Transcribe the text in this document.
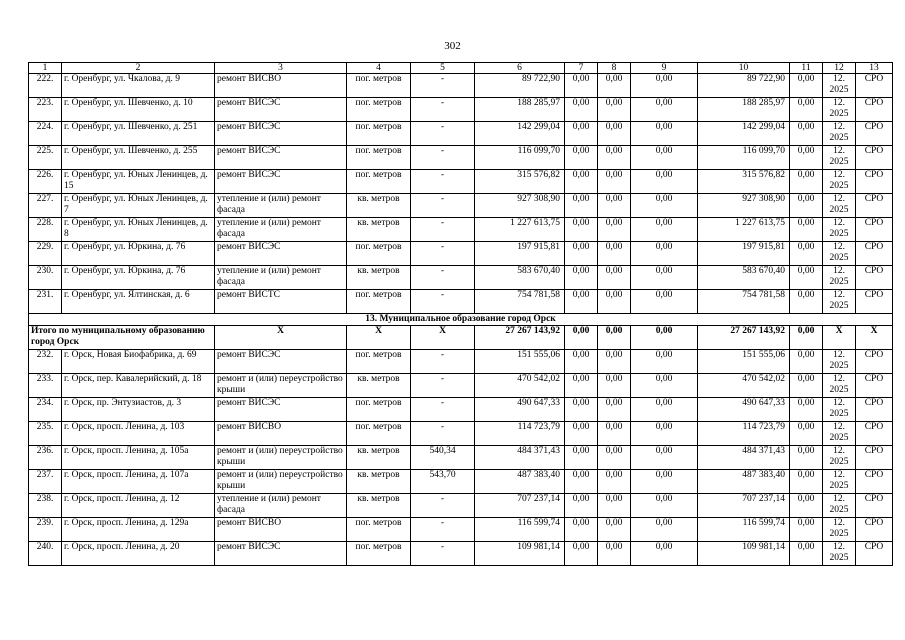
302
1	2	3	4	5	6	7	8	9	10	11	12	13
222.	г. Оренбург, ул. Чкалова, д. 9	ремонт ВИСВО	пог. метров	-	89 722,90	0,00	0,00	0,00	89 722,90	0,00	12. 2025	СРО
223.	г. Оренбург, ул. Шевченко, д. 10	ремонт ВИСЭС	пог. метров	-	188 285,97	0,00	0,00	0,00	188 285,97	0,00	12. 2025	СРО
224.	г. Оренбург, ул. Шевченко, д. 251	ремонт ВИСЭС	пог. метров	-	142 299,04	0,00	0,00	0,00	142 299,04	0,00	12. 2025	СРО
225.	г. Оренбург, ул. Шевченко, д. 255	ремонт ВИСЭС	пог. метров	-	116 099,70	0,00	0,00	0,00	116 099,70	0,00	12. 2025	СРО
226.	г. Оренбург, ул. Юных Ленинцев, д. 15	ремонт ВИСЭС	пог. метров	-	315 576,82	0,00	0,00	0,00	315 576,82	0,00	12. 2025	СРО
227.	г. Оренбург, ул. Юных Ленинцев, д. 7	утепление и (или) ремонт фасада	кв. метров	-	927 308,90	0,00	0,00	0,00	927 308,90	0,00	12. 2025	СРО
228.	г. Оренбург, ул. Юных Ленинцев, д. 8	утепление и (или) ремонт фасада	кв. метров	-	1 227 613,75	0,00	0,00	0,00	1 227 613,75	0,00	12. 2025	СРО
229.	г. Оренбург, ул. Юркина, д. 76	ремонт ВИСЭС	пог. метров	-	197 915,81	0,00	0,00	0,00	197 915,81	0,00	12. 2025	СРО
230.	г. Оренбург, ул. Юркина, д. 76	утепление и (или) ремонт фасада	кв. метров	-	583 670,40	0,00	0,00	0,00	583 670,40	0,00	12. 2025	СРО
231.	г. Оренбург, ул. Ялтинская, д. 6	ремонт ВИСТС	пог. метров	-	754 781,58	0,00	0,00	0,00	754 781,58	0,00	12. 2025	СРО
13. Муниципальное образование город Орск												
Итого по муниципальному образованию город Орск		X	X	X	27 267 143,92	0,00	0,00	0,00	27 267 143,92	0,00	X	X
232.	г. Орск, Новая Биофабрика, д. 69	ремонт ВИСЭС	пог. метров	-	151 555,06	0,00	0,00	0,00	151 555,06	0,00	12. 2025	СРО
233.	г. Орск, пер. Кавалерийский, д. 18	ремонт и (или) переустройство крыши	кв. метров	-	470 542,02	0,00	0,00	0,00	470 542,02	0,00	12. 2025	СРО
234.	г. Орск, пр. Энтузиастов, д. 3	ремонт ВИСЭС	пог. метров	-	490 647,33	0,00	0,00	0,00	490 647,33	0,00	12. 2025	СРО
235.	г. Орск, просп. Ленина, д. 103	ремонт ВИСВО	пог. метров	-	114 723,79	0,00	0,00	0,00	114 723,79	0,00	12. 2025	СРО
236.	г. Орск, просп. Ленина, д. 105а	ремонт и (или) переустройство крыши	кв. метров	540,34	484 371,43	0,00	0,00	0,00	484 371,43	0,00	12. 2025	СРО
237.	г. Орск, просп. Ленина, д. 107а	ремонт и (или) переустройство крыши	кв. метров	543,70	487 383,40	0,00	0,00	0,00	487 383,40	0,00	12. 2025	СРО
238.	г. Орск, просп. Ленина, д. 12	утепление и (или) ремонт фасада	кв. метров	-	707 237,14	0,00	0,00	0,00	707 237,14	0,00	12. 2025	СРО
239.	г. Орск, просп. Ленина, д. 129а	ремонт ВИСВО	пог. метров	-	116 599,74	0,00	0,00	0,00	116 599,74	0,00	12. 2025	СРО
240.	г. Орск, просп. Ленина, д. 20	ремонт ВИСЭС	пог. метров	-	109 981,14	0,00	0,00	0,00	109 981,14	0,00	12. 2025	СРО
